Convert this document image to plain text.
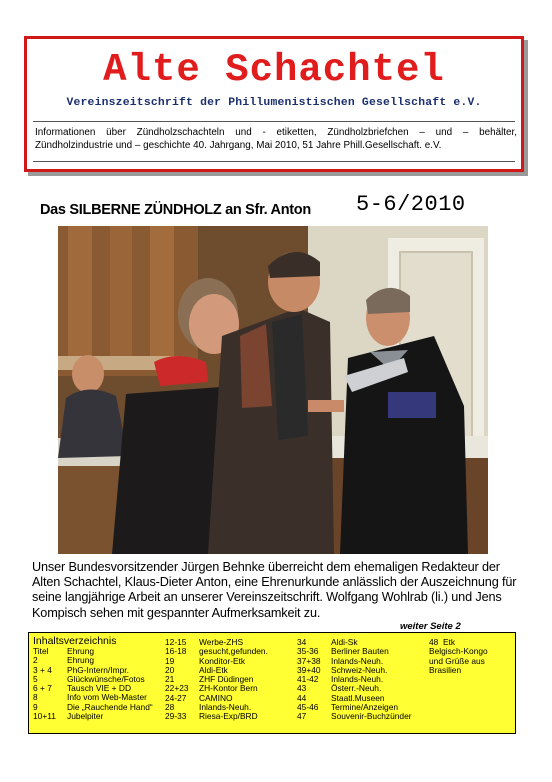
Alte Schachtel
Vereinszeitschrift der Phillumenistischen Gesellschaft e.V.
Informationen über Zündholzschachteln und - etiketten, Zündholzbriefchen – und – behälter, Zündholzindustrie und – geschichte 40. Jahrgang, Mai 2010, 51 Jahre Phill.Gesellschaft. e.V.
Das SILBERNE ZÜNDHOLZ an Sfr. Anton 5-6/2010
Unser Bundesvorsitzender Jürgen Behnke überreicht dem ehemaligen Redakteur der Alten Schachtel, Klaus-Dieter Anton, eine Ehrenurkunde anlässlich der Auszeichnung für seine langjährige Arbeit an unserer Vereinszeitschrift. Wolfgang Wohlrab (li.) und Jens Kompisch sehen mit gespannter Aufmerksamkeit zu.
weiter Seite 2
Inhaltsverzeichnis
Titel Ehrung
2	Ehrung
3 + 4 PhG-Intern/Impr.
5	Glückwünsche/Fotos
6 + 7 Tausch VIE + DD
8	Info vom Web-Master
9	Die „Rauchende Hand“
10+11 Jubelpiter
12-15 Werbe-ZHS
16-18 gesucht,gefunden.
19	Konditor-Etk
20	Aldi-Etk
21	ZHF Düdingen
22+23 ZH-Kontor Bern
24-27 CAMINO
28	Inlands-Neuh.
29-33 Riesa-Exp/BRD
34	Aldi-Sk
35-36 Berliner Bauten
37+38 Inlands-Neuh.
39+40 Schweiz-Neuh.
41-42 Inlands-Neuh.
43	Österr.-Neuh.
44	Staatl.Museen
45-46 Termine/Anzeigen
47	Souvenir-Buchzünder
48 Etk
Belgisch-Kongo
und Grüße aus
Brasilien
